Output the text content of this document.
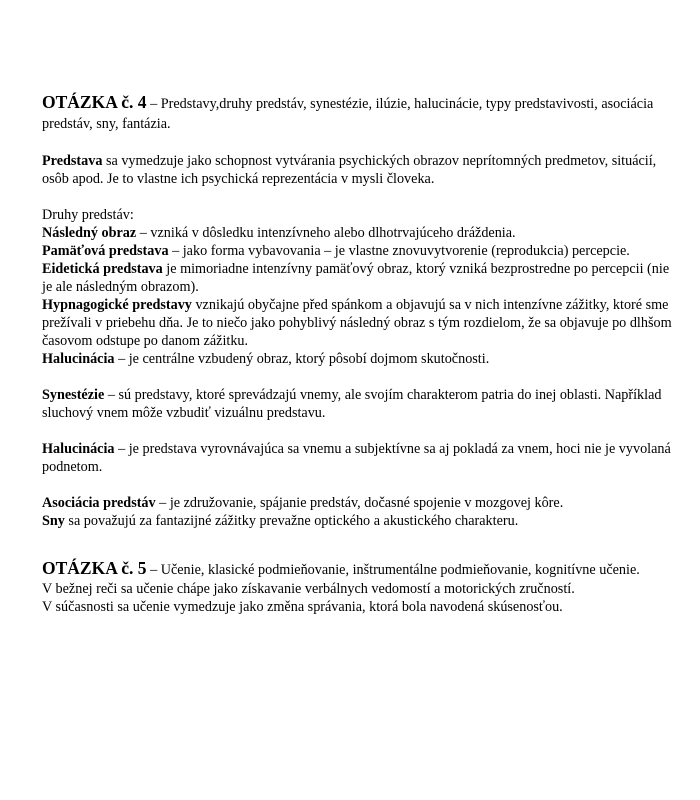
OTÁZKA č. 4 – Predstavy,druhy predstáv, synestézie, ilúzie, halucinácie, typy predstavivosti, asociácia predstáv, sny, fantázia.

Predstava sa vymedzuje jako schopnost vytvárania psychických obrazov neprítomných predmetov, situácií, osôb apod. Je to vlastne ich psychická reprezentácia v mysli človeka.

Druhy predstáv:

Následný obraz – vzniká v dôsledku intenzívneho alebo dlhotrvajúceho dráždenia.

Pamäťová predstava – jako forma vybavovania – je vlastne znovuvytvorenie (reprodukcia) percepcie.

Eidetická predstava je mimoriadne intenzívny pamäťový obraz, ktorý vzniká bezprostredne po percepcii (nie je ale následným obrazom).

Hypnagogické predstavy vznikajú obyčajne před spánkom a objavujú sa v nich intenzívne zážitky, ktoré sme prežívali v priebehu dňa. Je to niečo jako pohyblivý následný obraz s tým rozdielom, že sa objavuje po dlhšom časovom odstupe po danom zážitku.

Halucinácia – je centrálne vzbudený obraz, ktorý pôsobí dojmom skutočnosti.

Synestézie – sú predstavy, ktoré sprevádzajú vnemy, ale svojím charakterom patria do inej oblasti. Například sluchový vnem môže vzbudiť vizuálnu predstavu.

Halucinácia – je predstava vyrovnávajúca sa vnemu a subjektívne sa aj pokladá za vnem, hoci nie je vyvolaná podnetom.

Asociácia predstáv – je združovanie, spájanie predstáv, dočasné spojenie v mozgovej kôre.

Sny sa považujú za fantazijné zážitky prevažne optického a akustického charakteru.

OTÁZKA č. 5 – Učenie, klasické podmieňovanie, inštrumentálne podmieňovanie, kognitívne učenie.

V bežnej reči sa učenie chápe jako získavanie verbálnych vedomostí a motorických zručností.

V súčasnosti sa učenie vymedzuje jako změna správania, ktorá bola navodená skúsenosťou.
